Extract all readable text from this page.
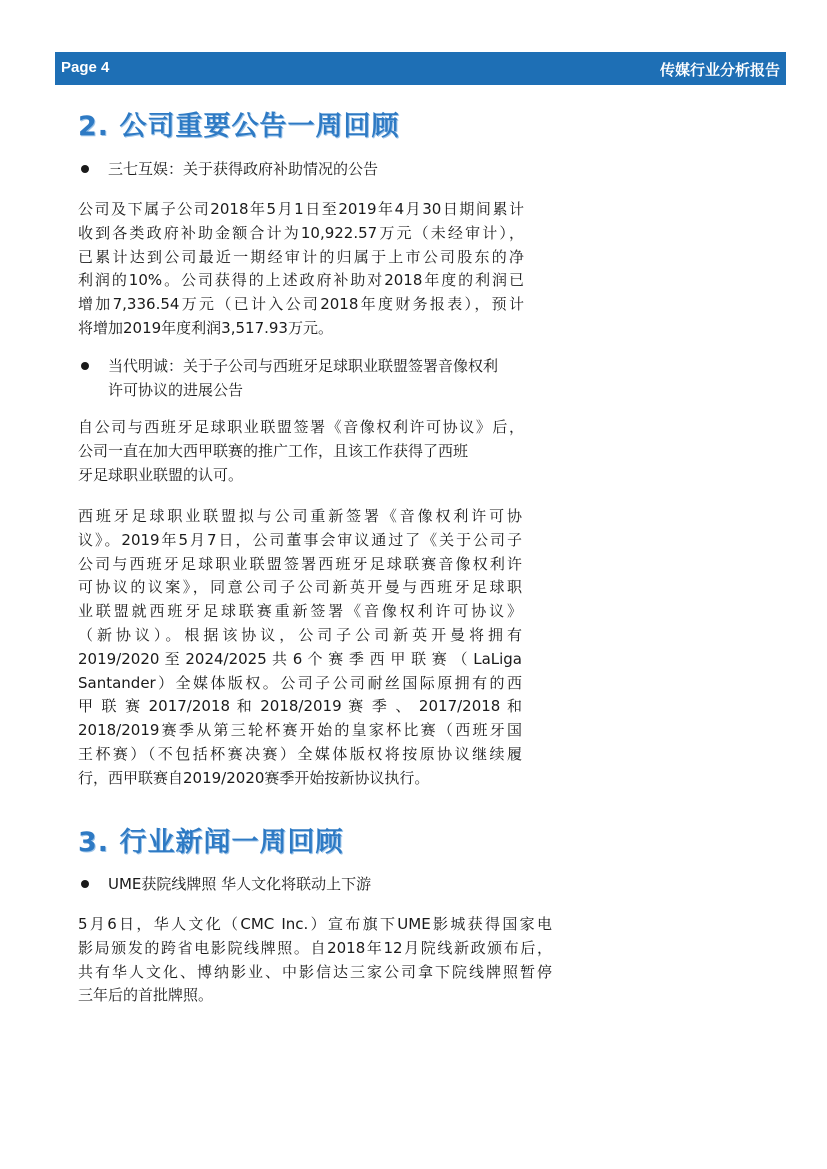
Page 4	传媒行业分析报告
2. 公司重要公告一周回顾
三七互娱：关于获得政府补助情况的公告
公司及下属子公司2018年5月1日至2019年4月30日期间累计
收到各类政府补助金额合计为10,922.57万元（未经审计），
已累计达到公司最近一期经审计的归属于上市公司股东的净
利润的10%。公司获得的上述政府补助对2018年度的利润已
增加7,336.54万元（已计入公司2018年度财务报表），预计
将增加2019年度利润3,517.93万元。
当代明诚：关于子公司与西班牙足球职业联盟签署音像权利
许可协议的进展公告
自公司与西班牙足球职业联盟签署《音像权利许可协议》后，
公司一直在加大西甲联赛的推广工作，且该工作获得了西班
牙足球职业联盟的认可。
西班牙足球职业联盟拟与公司重新签署《音像权利许可协
议》。2019年5月7日，公司董事会审议通过了《关于公司子
公司与西班牙足球职业联盟签署西班牙足球联赛音像权利许
可协议的议案》，同意公司子公司新英开曼与西班牙足球职
业联盟就西班牙足球联赛重新签署《音像权利许可协议》
（新协议）。根据该协议，公司子公司新英开曼将拥有
2019/2020 至 2024/2025 共 6 个 赛 季 西 甲 联 赛 （ LaLiga
Santander）全媒体版权。公司子公司耐丝国际原拥有的西
甲 联 赛 2017/2018 和 2018/2019 赛 季 、 2017/2018 和
2018/2019赛季从第三轮杯赛开始的皇家杯比赛（西班牙国
王杯赛）（不包括杯赛决赛）全媒体版权将按原协议继续履
行，西甲联赛自2019/2020赛季开始按新协议执行。
3. 行业新闻一周回顾
UME获院线牌照 华人文化将联动上下游
5月6日，华人文化（CMC Inc.）宣布旗下UME影城获得国家电
影局颁发的跨省电影院线牌照。自2018年12月院线新政颁布后，
共有华人文化、博纳影业、中影信达三家公司拿下院线牌照暂停
三年后的首批牌照。
